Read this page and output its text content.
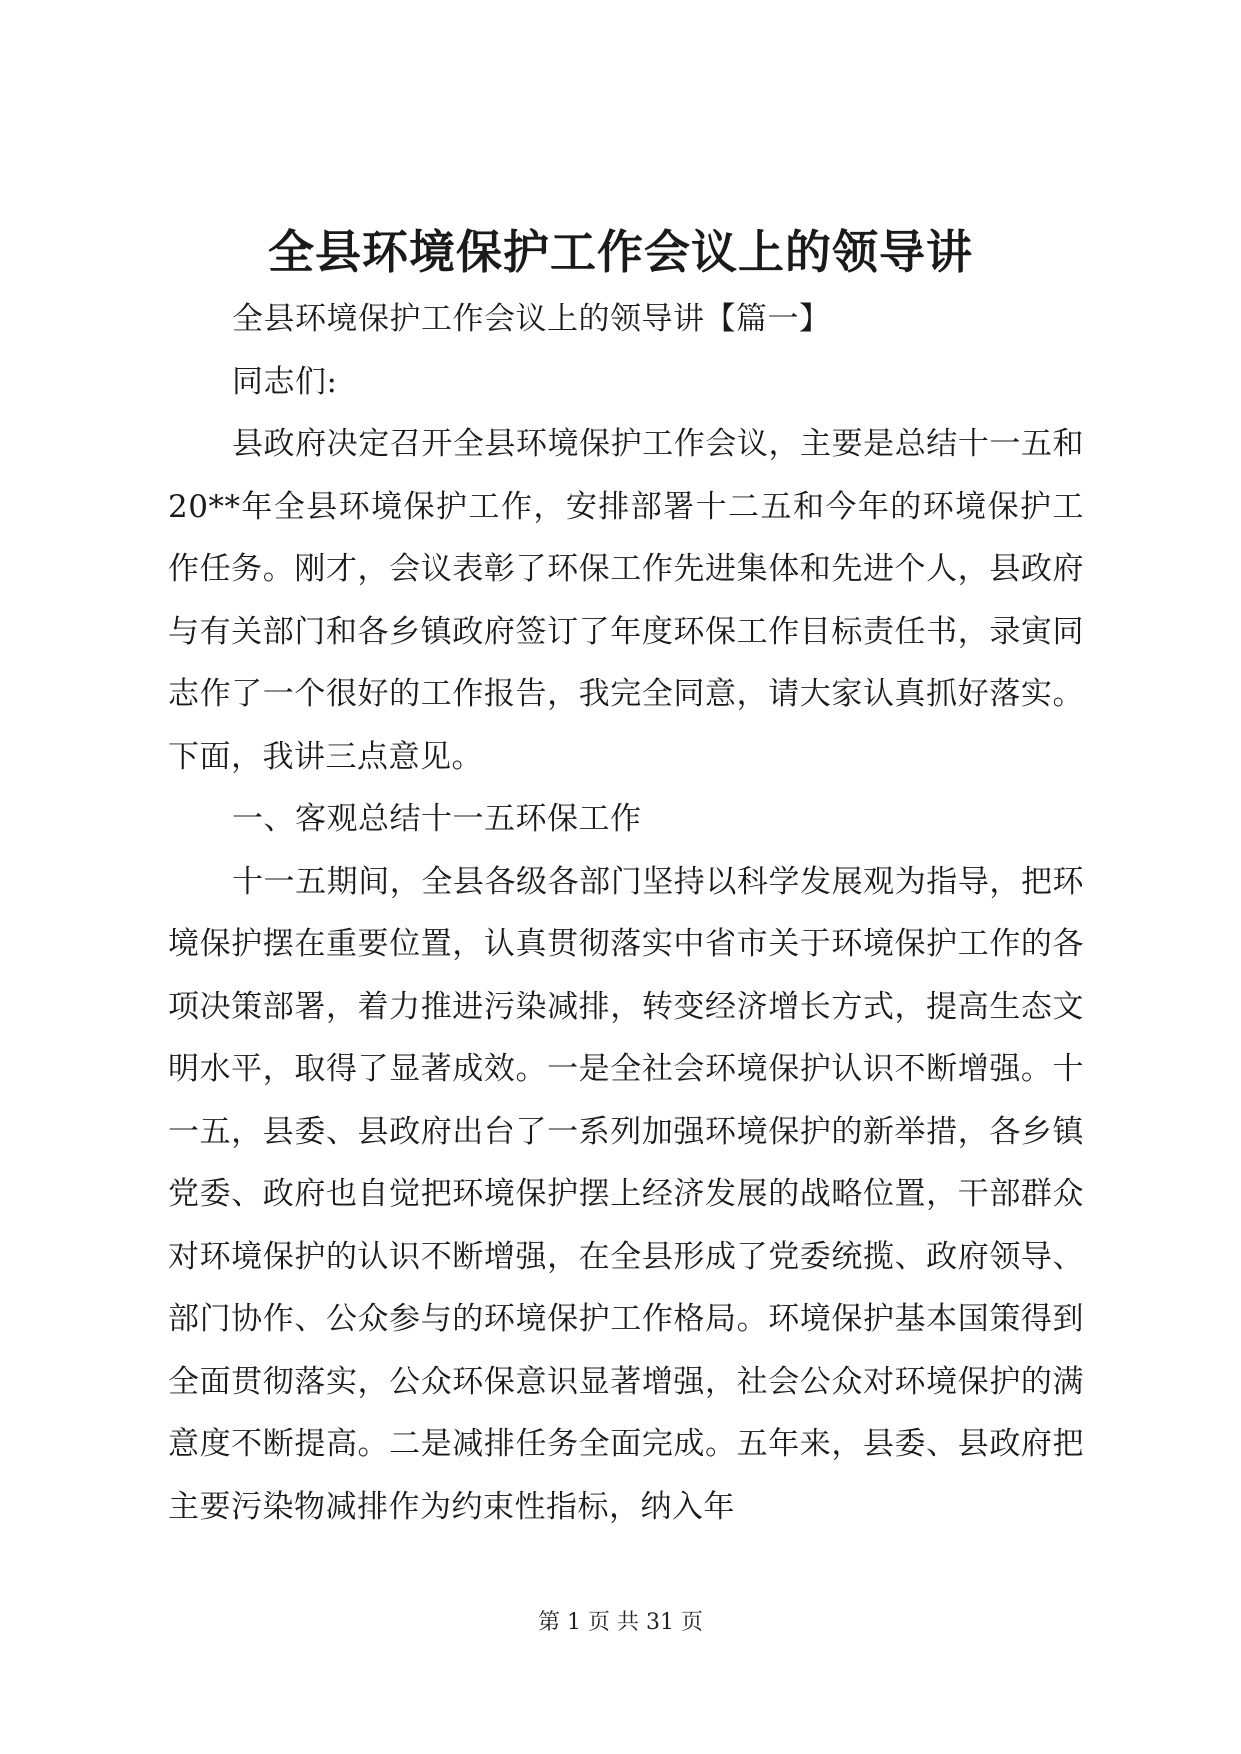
全县环境保护工作会议上的领导讲

全县环境保护工作会议上的领导讲【篇一】

同志们:

县政府决定召开全县环境保护工作会议，主要是总结十一五和20**年全县环境保护工作，安排部署十二五和今年的环境保护工作任务。刚才，会议表彰了环保工作先进集体和先进个人，县政府与有关部门和各乡镇政府签订了年度环保工作目标责任书，录寅同志作了一个很好的工作报告，我完全同意，请大家认真抓好落实。下面，我讲三点意见。

一、客观总结十一五环保工作

十一五期间，全县各级各部门坚持以科学发展观为指导，把环境保护摆在重要位置，认真贯彻落实中省市关于环境保护工作的各项决策部署，着力推进污染减排，转变经济增长方式，提高生态文明水平，取得了显著成效。一是全社会环境保护认识不断增强。十一五，县委、县政府出台了一系列加强环境保护的新举措，各乡镇党委、政府也自觉把环境保护摆上经济发展的战略位置，干部群众对环境保护的认识不断增强，在全县形成了党委统揽、政府领导、部门协作、公众参与的环境保护工作格局。环境保护基本国策得到全面贯彻落实，公众环保意识显著增强，社会公众对环境保护的满意度不断提高。二是减排任务全面完成。五年来，县委、县政府把主要污染物减排作为约束性指标，纳入年

第 1 页 共 31 页
